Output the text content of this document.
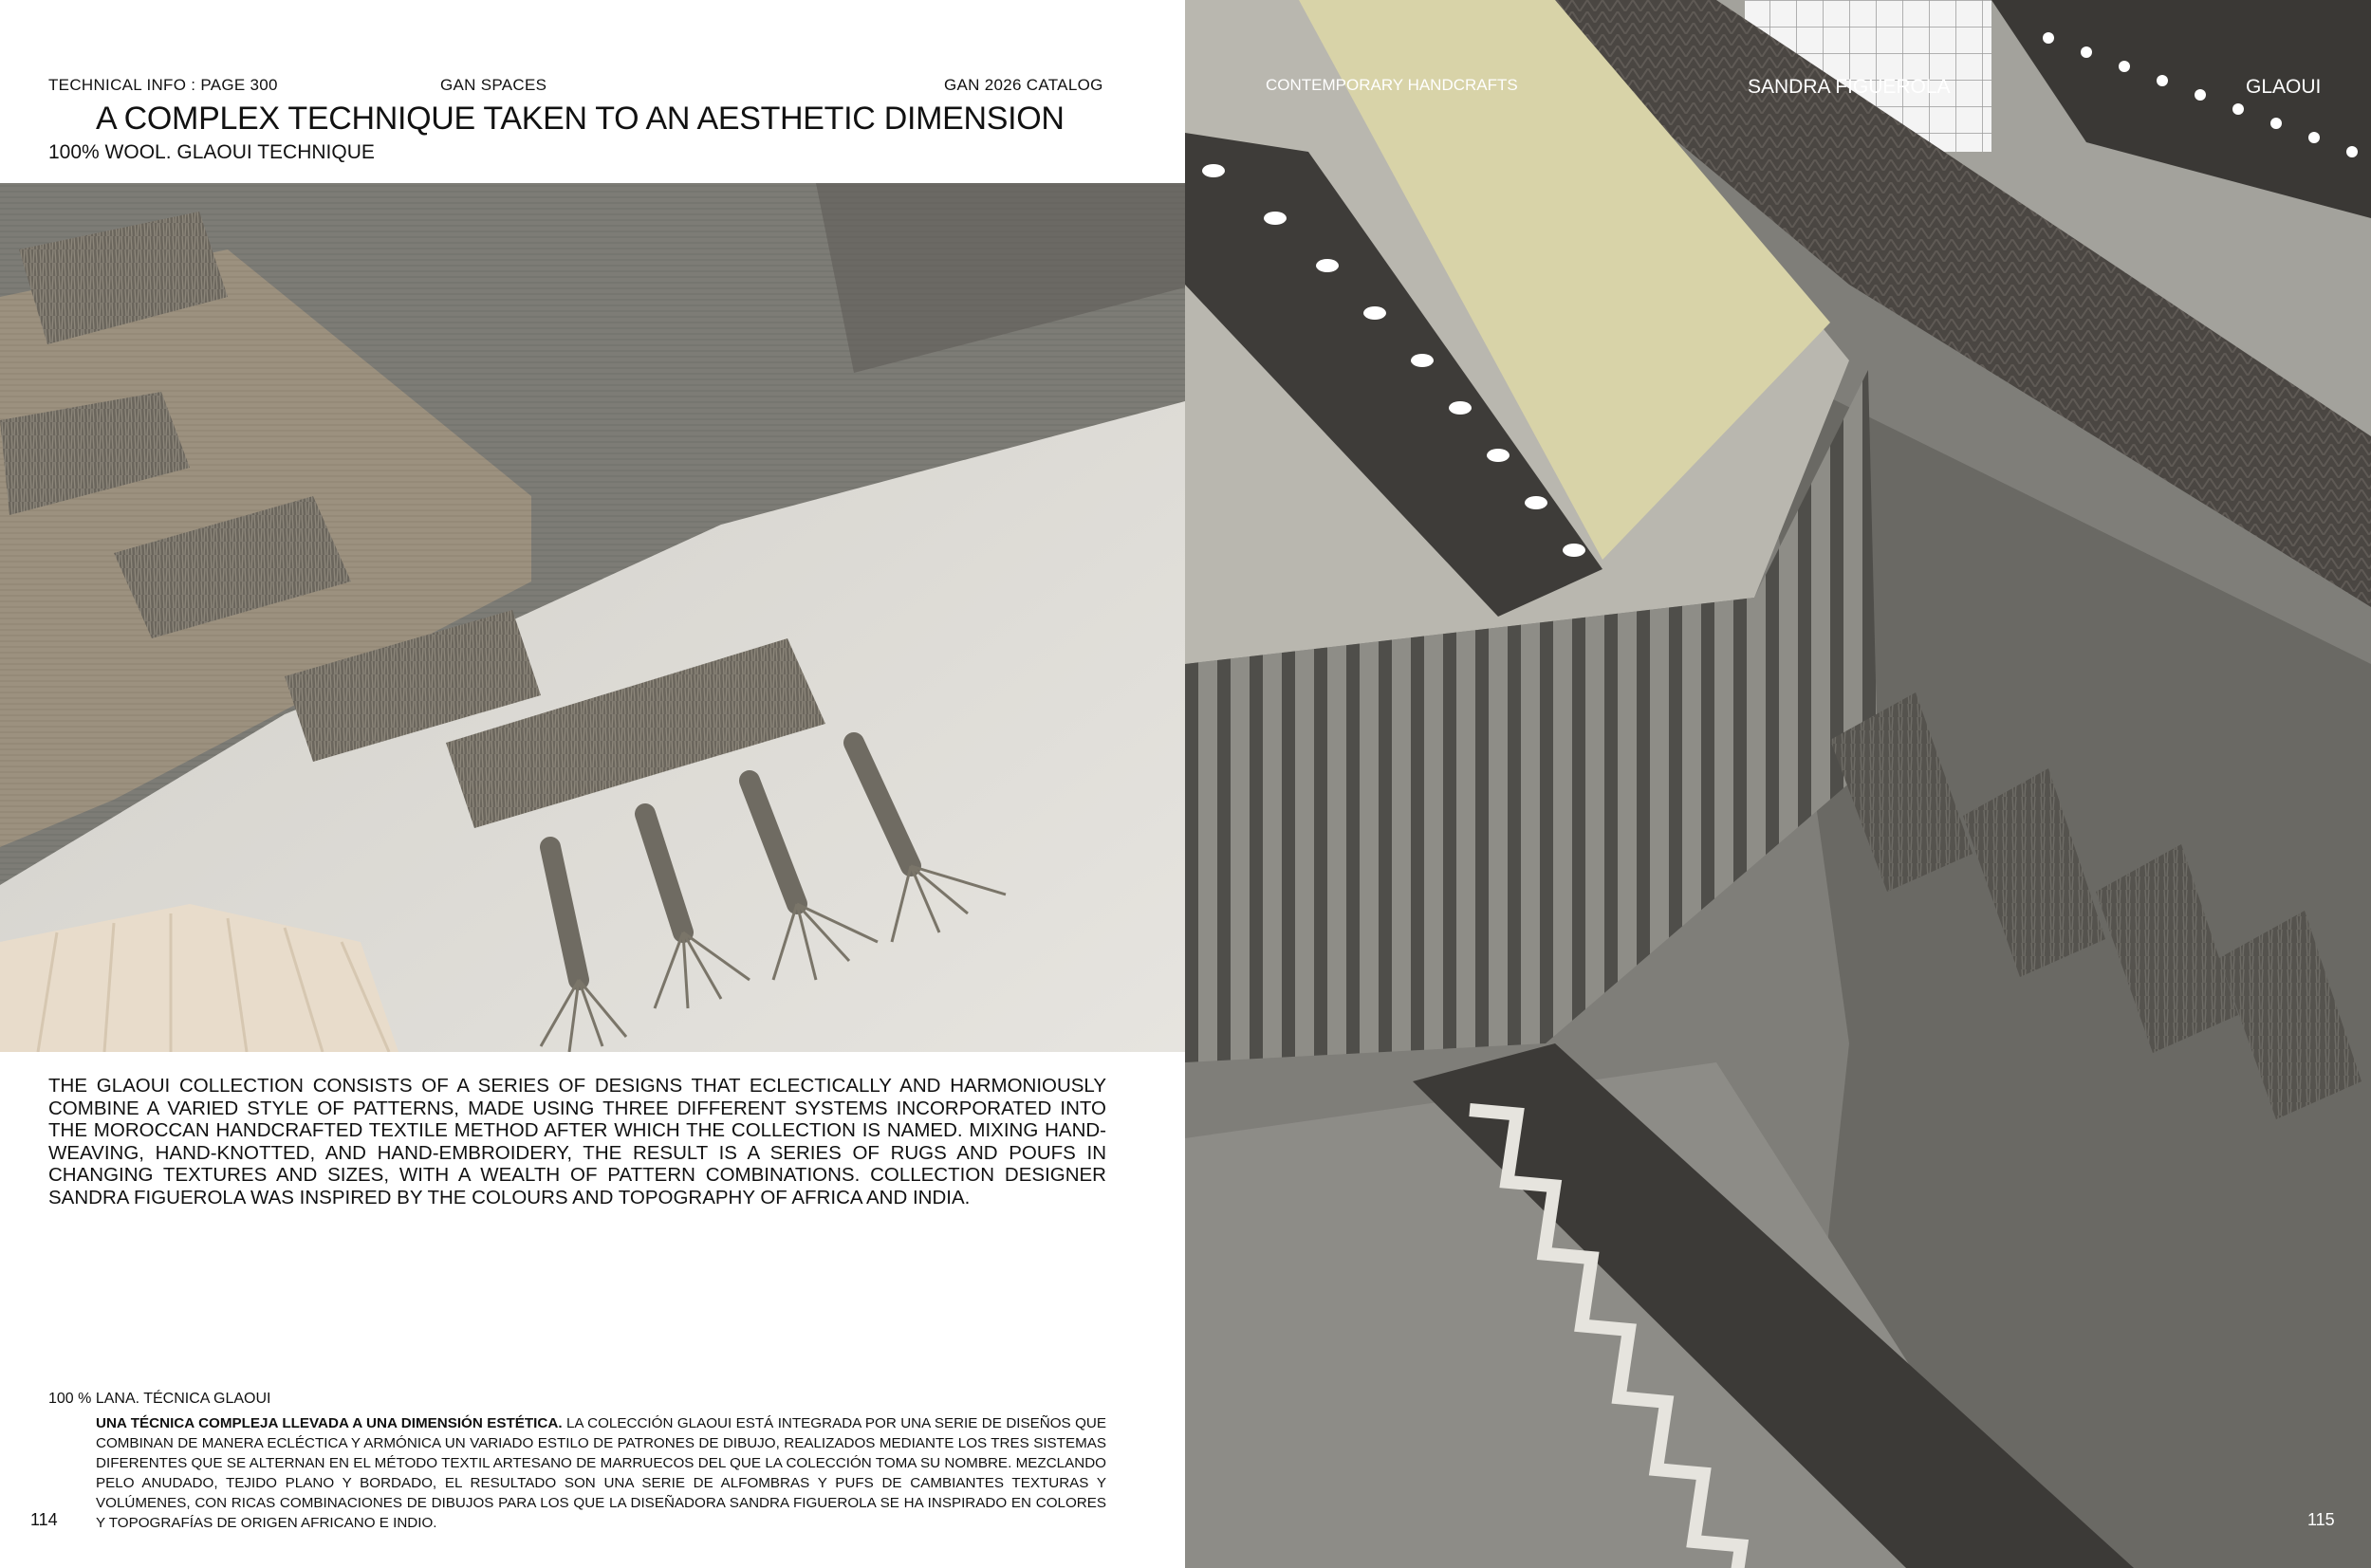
TECHNICAL INFO : PAGE 300	GAN SPACES	GAN 2026 CATALOG
A COMPLEX TECHNIQUE TAKEN TO AN AESTHETIC DIMENSION
100% WOOL. GLAOUI TECHNIQUE
THE GLAOUI COLLECTION CONSISTS OF A SERIES OF DESIGNS THAT ECLECTICALLY AND HARMONIOUSLY COMBINE A VARIED STYLE OF PATTERNS, MADE USING THREE DIFFERENT SYSTEMS INCORPORATED INTO THE MOROCCAN HANDCRAFTED TEXTILE METHOD AFTER WHICH THE COLLECTION IS NAMED. MIXING HAND-WEAVING, HAND-KNOTTED, AND HAND-EMBROIDERY, THE RESULT IS A SERIES OF RUGS AND POUFS IN CHANGING TEXTURES AND SIZES, WITH A WEALTH OF PATTERN COMBINATIONS. COLLECTION DESIGNER SANDRA FIGUEROLA WAS INSPIRED BY THE COLOURS AND TOPOGRAPHY OF AFRICA AND INDIA.
100 % LANA. TÉCNICA GLAOUI
UNA TÉCNICA COMPLEJA LLEVADA A UNA DIMENSIÓN ESTÉTICA. LA COLECCIÓN GLAOUI ESTÁ INTEGRADA POR UNA SERIE DE DISEÑOS QUE COMBINAN DE MANERA ECLÉCTICA Y ARMÓNICA UN VARIADO ESTILO DE PATRONES DE DIBUJO, REALIZADOS MEDIANTE LOS TRES SISTEMAS DIFERENTES QUE SE ALTERNAN EN EL MÉTODO TEXTIL ARTESANO DE MARRUECOS DEL QUE LA COLECCIÓN TOMA SU NOMBRE. MEZCLANDO PELO ANUDADO, TEJIDO PLANO Y BORDADO, EL RESULTADO SON UNA SERIE DE ALFOMBRAS Y PUFS DE CAMBIANTES TEXTURAS Y VOLÚMENES, CON RICAS COMBINACIONES DE DIBUJOS PARA LOS QUE LA DISEÑADORA SANDRA FIGUEROLA SE HA INSPIRADO EN COLORES Y TOPOGRAFÍAS DE ORIGEN AFRICANO E INDIO.
114
CONTEMPORARY HANDCRAFTS	SANDRA FIGUEROLA	GLAOUI
115
